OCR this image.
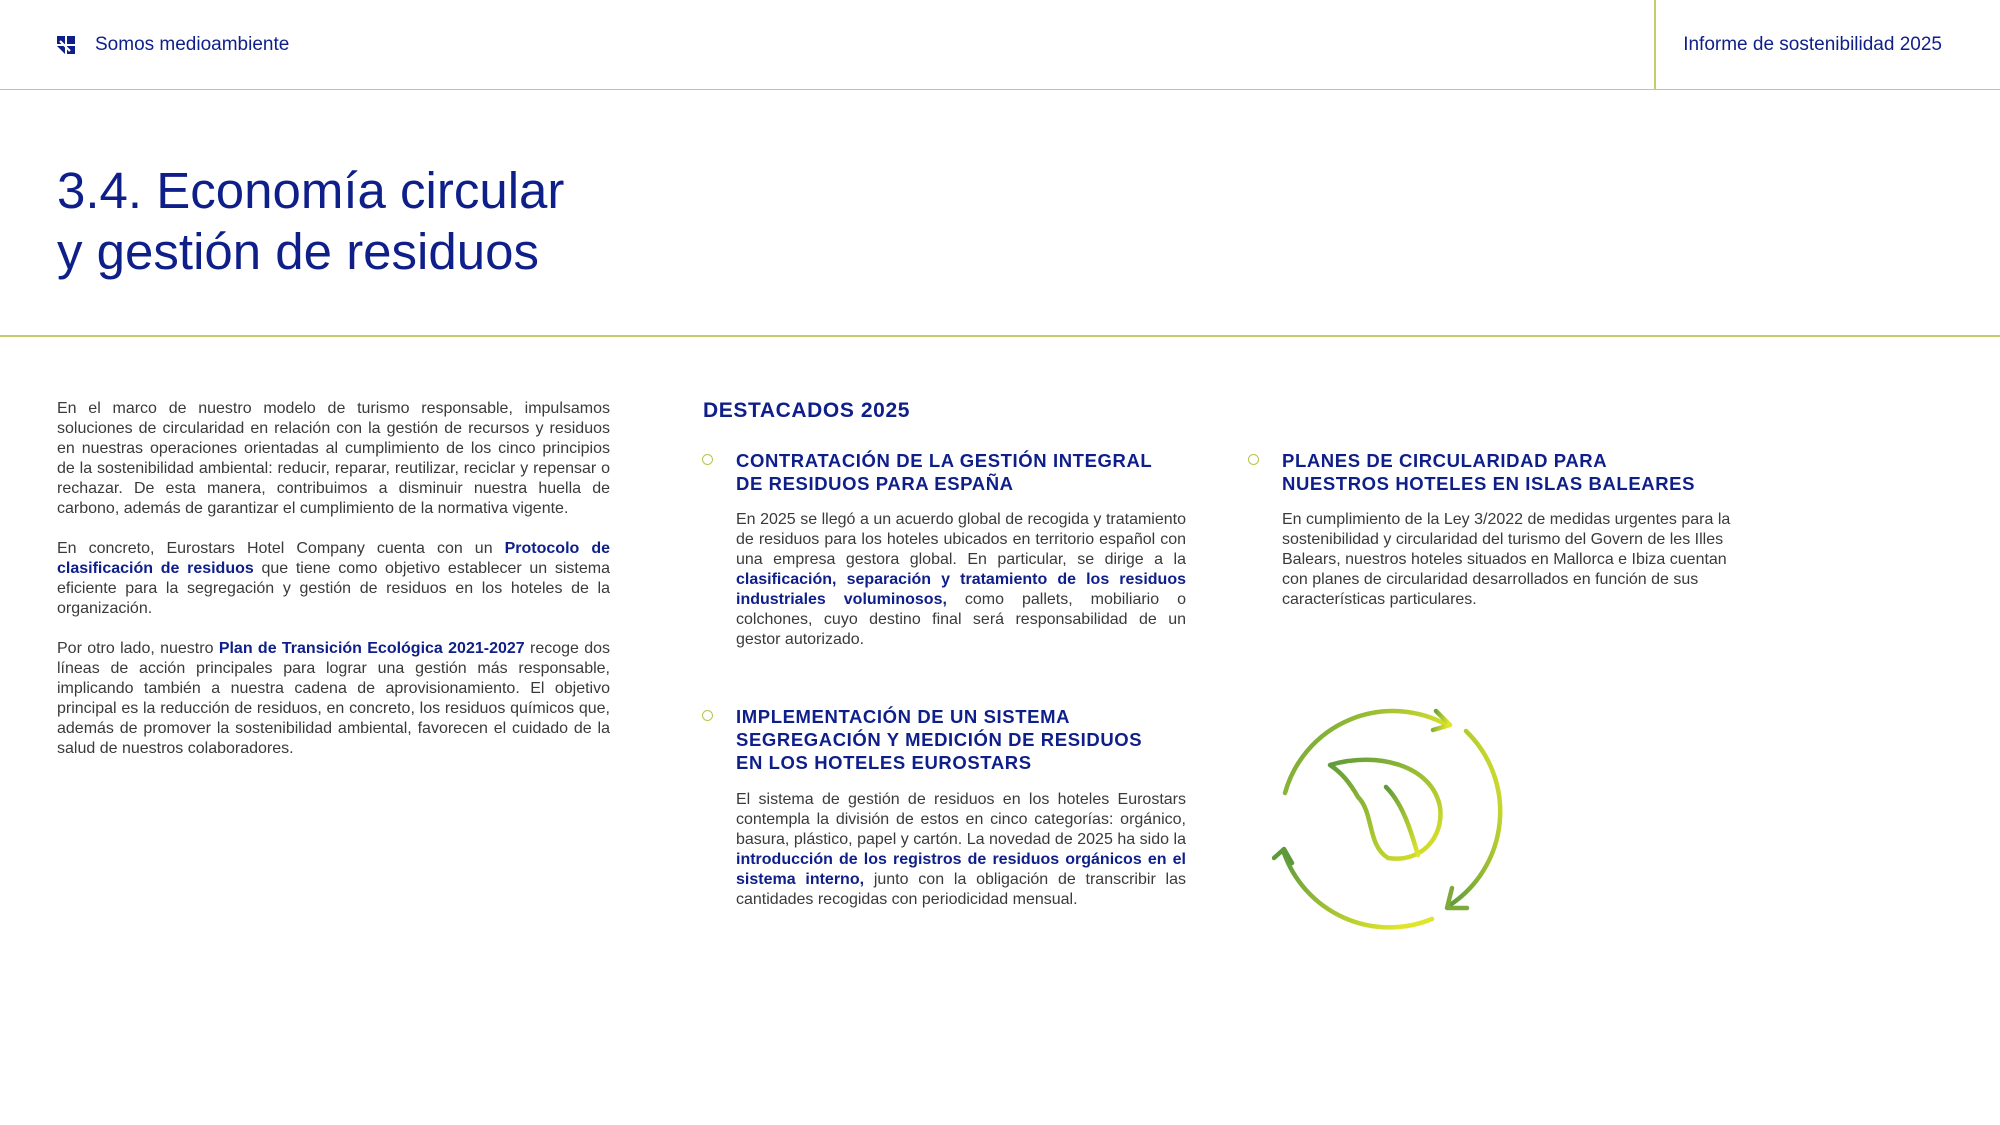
Somos medioambiente	Informe de sostenibilidad 2025
3.4. Economía circular
y gestión de residuos

En el marco de nuestro modelo de turismo responsable, impulsamos soluciones de circularidad en relación con la gestión de recursos y residuos en nuestras operaciones orientadas al cumplimiento de los cinco principios de la sostenibilidad ambiental: reducir, reparar, reutilizar, reciclar y repensar o rechazar. De esta manera, contribuimos a disminuir nuestra huella de carbono, además de garantizar el cumplimiento de la normativa vigente.

En concreto, Eurostars Hotel Company cuenta con un Protocolo de clasificación de residuos que tiene como objetivo establecer un sistema eficiente para la segregación y gestión de residuos en los hoteles de la organización.

Por otro lado, nuestro Plan de Transición Ecológica 2021-2027 recoge dos líneas de acción principales para lograr una gestión más responsable, implicando también a nuestra cadena de aprovisionamiento. El objetivo principal es la reducción de residuos, en concreto, los residuos químicos que, además de promover la sostenibilidad ambiental, favorecen el cuidado de la salud de nuestros colaboradores.

DESTACADOS 2025
CONTRATACIÓN DE LA GESTIÓN INTEGRAL
DE RESIDUOS PARA ESPAÑA

En 2025 se llegó a un acuerdo global de recogida y tratamiento de residuos para los hoteles ubicados en territorio español con una empresa gestora global. En particular, se dirige a la clasificación, separación y tratamiento de los residuos industriales voluminosos, como pallets, mobiliario o colchones, cuyo destino final será responsabilidad de un gestor autorizado.

PLANES DE CIRCULARIDAD PARA
NUESTROS HOTELES EN ISLAS BALEARES

En cumplimiento de la Ley 3/2022 de medidas urgentes para la sostenibilidad y circularidad del turismo del Govern de les Illes Balears, nuestros hoteles situados en Mallorca e Ibiza cuentan con planes de circularidad desarrollados en función de sus características particulares.

IMPLEMENTACIÓN DE UN SISTEMA
SEGREGACIÓN Y MEDICIÓN DE RESIDUOS
EN LOS HOTELES EUROSTARS

El sistema de gestión de residuos en los hoteles Eurostars contempla la división de estos en cinco categorías: orgánico, basura, plástico, papel y cartón. La novedad de 2025 ha sido la introducción de los registros de residuos orgánicos en el sistema interno, junto con la obligación de transcribir las cantidades recogidas con periodicidad mensual.
